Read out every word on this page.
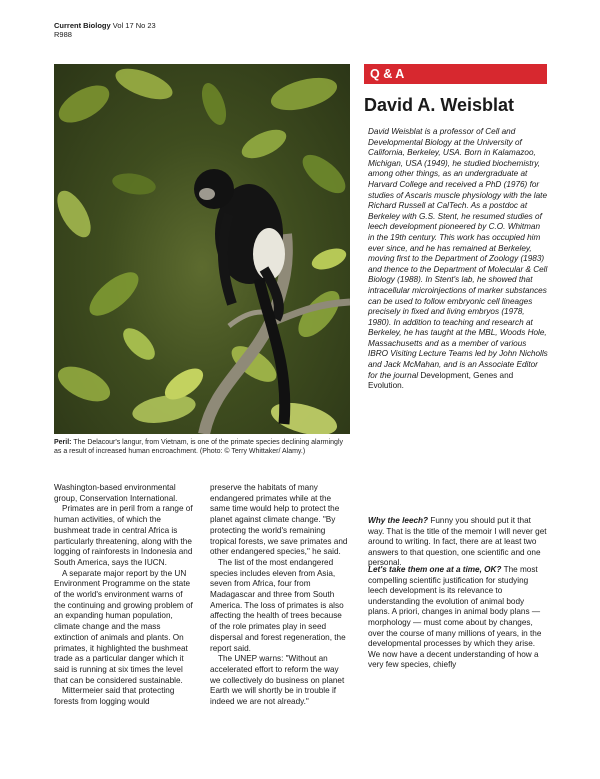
Current Biology Vol 17 No 23
R988
Peril: The Delacour's langur, from Vietnam, is one of the primate species declining alarmingly as a result of increased human encroachment. (Photo: © Terry Whittaker/ Alamy.)

Washington-based environmental group, Conservation International.

Primates are in peril from a range of human activities, of which the bushmeat trade in central Africa is particularly threatening, along with the logging of rainforests in Indonesia and South America, says the IUCN.

A separate major report by the UN Environment Programme on the state of the world's environment warns of the continuing and growing problem of an expanding human population, climate change and the mass extinction of animals and plants. On primates, it highlighted the bushmeat trade as a particular danger which it said is running at six times the level that can be considered sustainable.

Mittermeier said that protecting forests from logging would

preserve the habitats of many endangered primates while at the same time would help to protect the planet against climate change. "By protecting the world's remaining tropical forests, we save primates and other endangered species," he said.

The list of the most endangered species includes eleven from Asia, seven from Africa, four from Madagascar and three from South America. The loss of primates is also affecting the health of trees because of the role primates play in seed dispersal and forest regeneration, the report said.

The UNEP warns: "Without an accelerated effort to reform the way we collectively do business on planet Earth we will shortly be in trouble if indeed we are not already."

Q & A
David A. Weisblat
David Weisblat is a professor of Cell and Developmental Biology at the University of California, Berkeley, USA. Born in Kalamazoo, Michigan, USA (1949), he studied biochemistry, among other things, as an undergraduate at Harvard College and received a PhD (1976) for studies of Ascaris muscle physiology with the late Richard Russell at CalTech. As a postdoc at Berkeley with G.S. Stent, he resumed studies of leech development pioneered by C.O. Whitman in the 19th century. This work has occupied him ever since, and he has remained at Berkeley, moving first to the Department of Zoology (1983) and thence to the Department of Molecular & Cell Biology (1988). In Stent's lab, he showed that intracellular microinjections of marker substances can be used to follow embryonic cell lineages precisely in fixed and living embryos (1978, 1980). In addition to teaching and research at Berkeley, he has taught at the MBL, Woods Hole, Massachusetts and as a member of various IBRO Visiting Lecture Teams led by John Nicholls and Jack McMahan, and is an Associate Editor for the journal Development, Genes and Evolution.
Why the leech? Funny you should put it that way. That is the title of the memoir I will never get around to writing. In fact, there are at least two answers to that question, one scientific and one personal.
Let's take them one at a time, OK? The most compelling scientific justification for studying leech development is its relevance to understanding the evolution of animal body plans. A priori, changes in animal body plans — morphology — must come about by changes, over the course of many millions of years, in the developmental processes by which they arise. We now have a decent understanding of how a very few species, chiefly
